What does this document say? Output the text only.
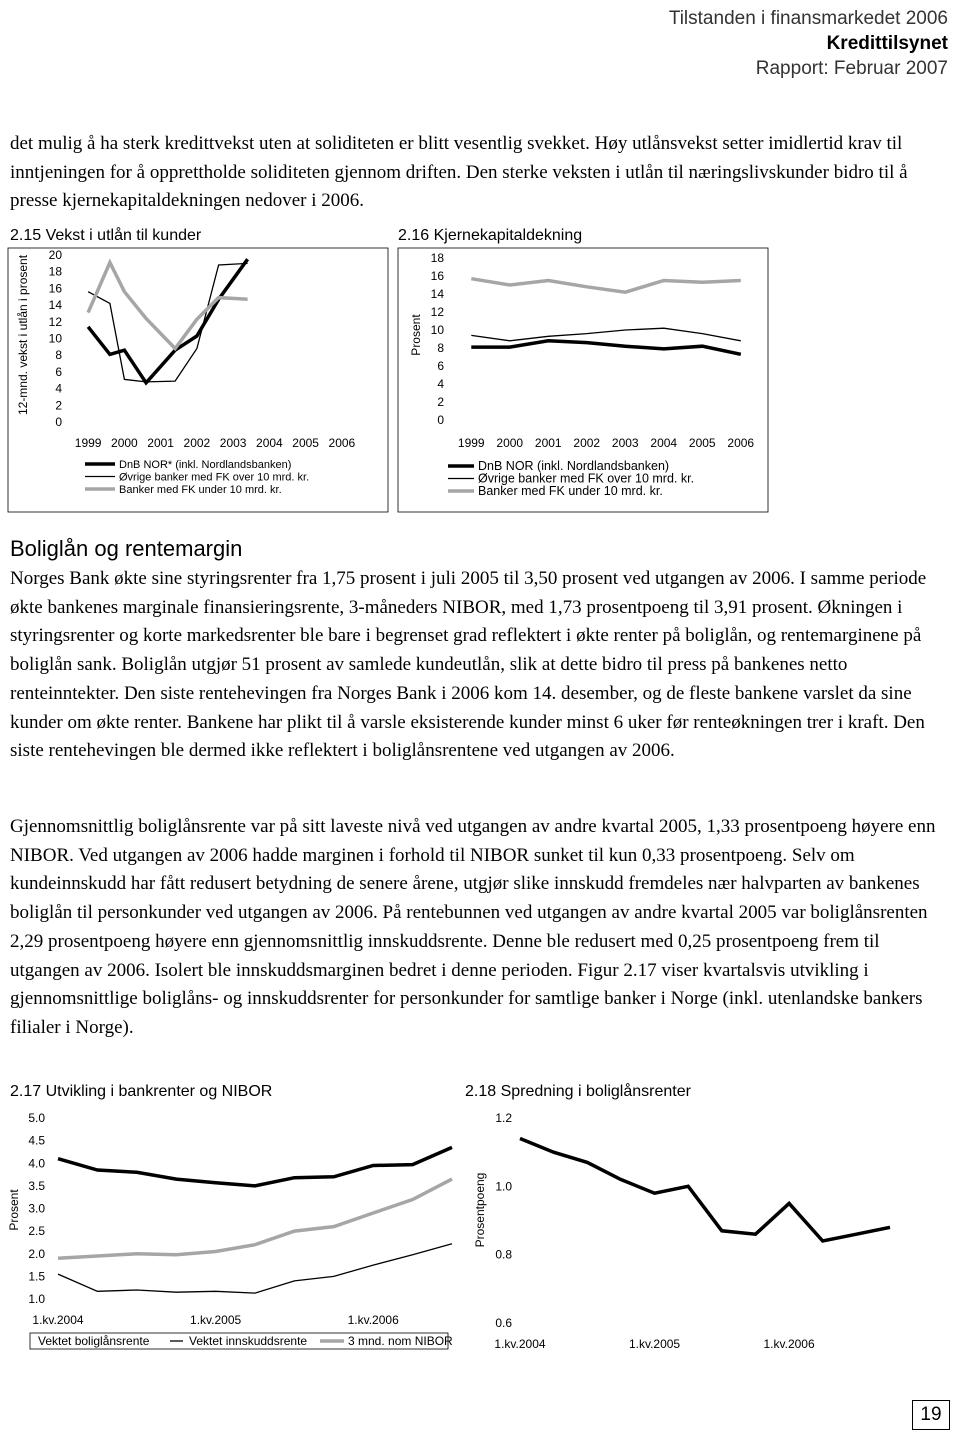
Tilstanden i finansmarkedet 2006
Kredittilsynet
Rapport: Februar 2007
det mulig å ha sterk kredittvekst uten at soliditeten er blitt vesentlig svekket. Høy utlånsvekst setter imidlertid krav til inntjeningen for å opprettholde soliditeten gjennom driften. Den sterke veksten i utlån til næringslivskunder bidro til å presse kjernekapitaldekningen nedover i 2006.
2.15 Vekst i utlån til kunder	2.16 Kjernekapitaldekning
Boliglån og rentemargin
Norges Bank økte sine styringsrenter fra 1,75 prosent i juli 2005 til 3,50 prosent ved utgangen av 2006. I samme periode økte bankenes marginale finansieringsrente, 3-måneders NIBOR, med 1,73 prosentpoeng til 3,91 prosent. Økningen i styringsrenter og korte markedsrenter ble bare i begrenset grad reflektert i økte renter på boliglån, og rentemarginene på boliglån sank. Boliglån utgjør 51 prosent av samlede kundeutlån, slik at dette bidro til press på bankenes netto renteinntekter. Den siste rentehevingen fra Norges Bank i 2006 kom 14. desember, og de fleste bankene varslet da sine kunder om økte renter. Bankene har plikt til å varsle eksisterende kunder minst 6 uker før renteøkningen trer i kraft. Den siste rentehevingen ble dermed ikke reflektert i boliglånsrentene ved utgangen av 2006.
Gjennomsnittlig boliglånsrente var på sitt laveste nivå ved utgangen av andre kvartal 2005, 1,33 prosentpoeng høyere enn NIBOR. Ved utgangen av 2006 hadde marginen i forhold til NIBOR sunket til kun 0,33 prosentpoeng. Selv om kundeinnskudd har fått redusert betydning de senere årene, utgjør slike innskudd fremdeles nær halvparten av bankenes boliglån til personkunder ved utgangen av 2006. På rentebunnen ved utgangen av andre kvartal 2005 var boliglånsrenten 2,29 prosentpoeng høyere enn gjennomsnittlig innskuddsrente. Denne ble redusert med 0,25 prosentpoeng frem til utgangen av 2006. Isolert ble innskuddsmarginen bedret i denne perioden. Figur 2.17 viser kvartalsvis utvikling i gjennomsnittlige boliglåns- og innskuddsrenter for personkunder for samtlige banker i Norge (inkl. utenlandske bankers filialer i Norge).
2.17 Utvikling i bankrenter og NIBOR	2.18 Spredning i boliglånsrenter
1999 2000 2001 2002 2003 2004 2005 2006
20
18
16
14
12
10
8
6
4
2
0
12-mnd. vekst i utlån i prosent
DnB NOR* (inkl. Nordlandsbanken)
Øvrige banker med FK over 10 mrd. kr.
Banker med FK under 10 mrd. kr.
1999 2000 2001 2002 2003 2004 2005 2006
18
16
14
12
10
8
6
4
2
0
Prosent
DnB NOR (inkl. Nordlandsbanken)
Øvrige banker med FK over 10 mrd. kr.
Banker med FK under 10 mrd. kr.
1.kv.2004	1.kv.2005	1.kv.2006
5.0
4.5
4.0
3.5
3.0
2.5
2.0
1.5
1.0
Prosent
Vektet boliglånsrente	Vektet innskuddsrente	3 mnd. nom NIBOR	1.kv.2004	1.kv.2005	1.kv.2006
1.2
1.0
0.8
0.6
Prosentpoeng
19
